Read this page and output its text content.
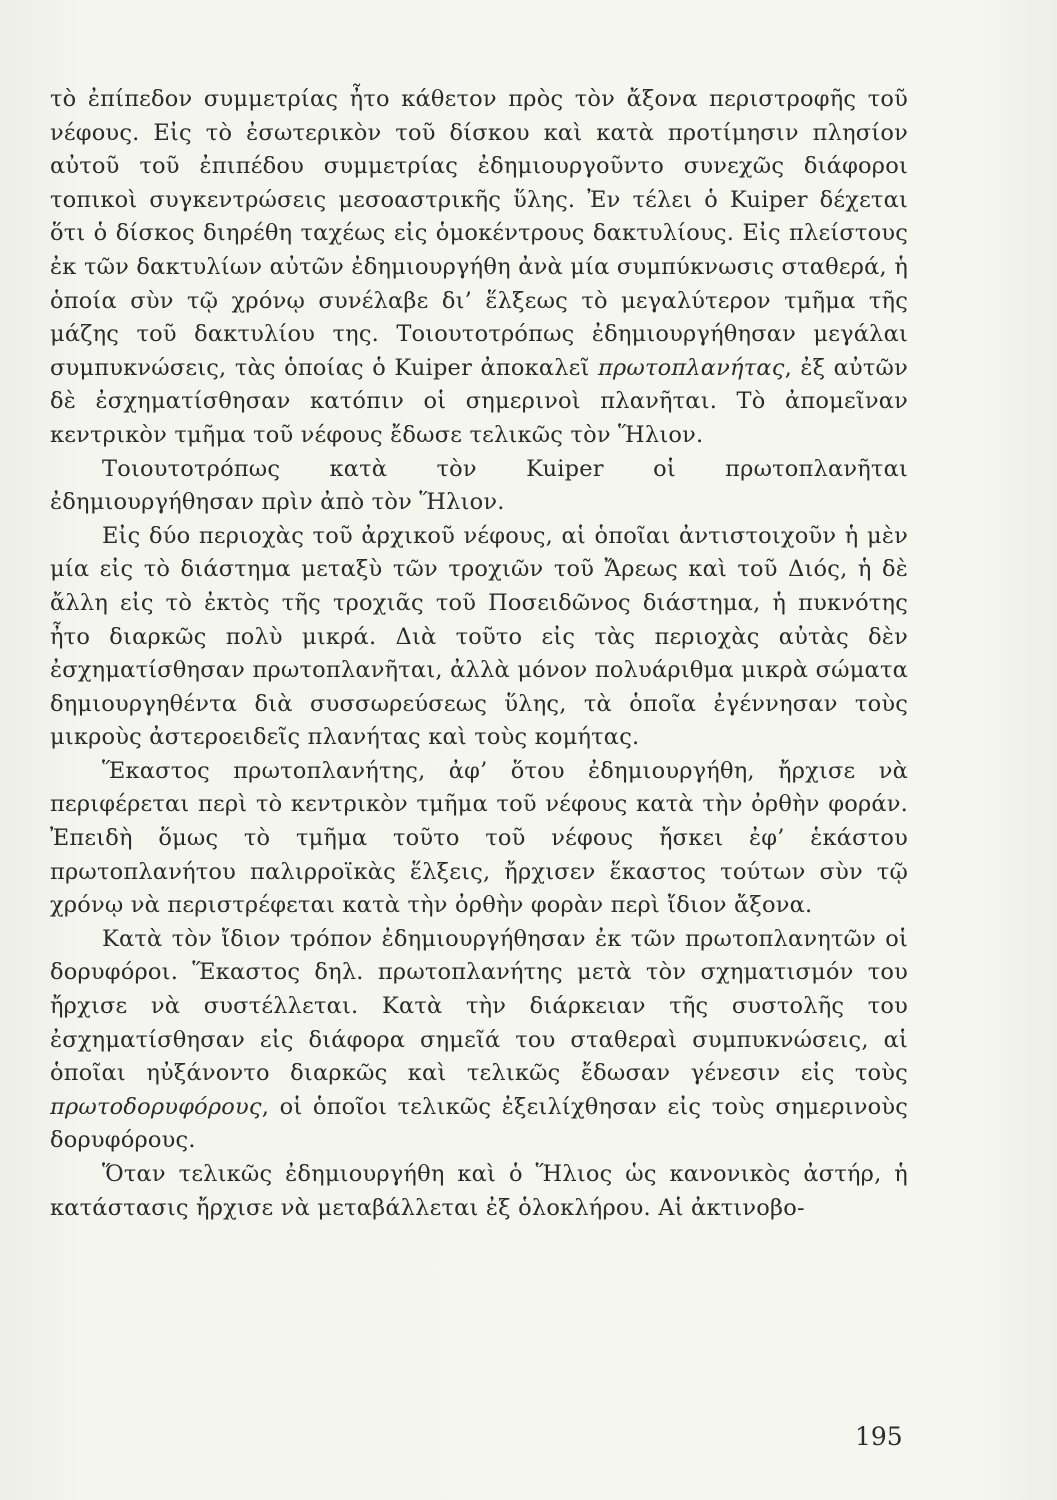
τὸ ἐπίπεδον συμμετρίας ἦτο κάθετον πρὸς τὸν ἄξονα περιστροφῆς τοῦ νέφους. Εἰς τὸ ἐσωτερικὸν τοῦ δίσκου καὶ κατὰ προτίμησιν πλησίον αὐτοῦ τοῦ ἐπιπέδου συμμετρίας ἐδημιουργοῦντο συνεχῶς διάφοροι τοπικοὶ συγκεντρώσεις μεσοαστρικῆς ὕλης. Ἐν τέλει ὁ Kuiper δέχεται ὅτι ὁ δίσκος διηρέθη ταχέως εἰς ὁμοκέντρους δακτυλίους. Εἰς πλείστους ἐκ τῶν δακτυλίων αὐτῶν ἐδημιουργήθη ἀνὰ μία συμπύκνωσις σταθερά, ἡ ὁποία σὺν τῷ χρόνῳ συνέλαβε δι’ ἕλξεως τὸ μεγαλύτερον τμῆμα τῆς μάζης τοῦ δακτυλίου της. Τοιουτοτρόπως ἐδημιουργήθησαν μεγάλαι συμπυκνώσεις, τὰς ὁποίας ὁ Kuiper ἀποκαλεῖ πρωτοπλανήτας, ἐξ αὐτῶν δὲ ἐσχηματίσθησαν κατόπιν οἱ σημερινοὶ πλανῆται. Τὸ ἀπομεῖναν κεντρικὸν τμῆμα τοῦ νέφους ἔδωσε τελικῶς τὸν Ἥλιον.

Τοιουτοτρόπως κατὰ τὸν Kuiper οἱ πρωτοπλανῆται ἐδημιουργήθησαν πρὶν ἀπὸ τὸν Ἥλιον.

Εἰς δύο περιοχὰς τοῦ ἀρχικοῦ νέφους, αἱ ὁποῖαι ἀντιστοιχοῦν ἡ μὲν μία εἰς τὸ διάστημα μεταξὺ τῶν τροχιῶν τοῦ Ἄρεως καὶ τοῦ Διός, ἡ δὲ ἄλλη εἰς τὸ ἐκτὸς τῆς τροχιᾶς τοῦ Ποσειδῶνος διάστημα, ἡ πυκνότης ἦτο διαρκῶς πολὺ μικρά. Διὰ τοῦτο εἰς τὰς περιοχὰς αὐτὰς δὲν ἐσχηματίσθησαν πρωτοπλανῆται, ἀλλὰ μόνον πολυάριθμα μικρὰ σώματα δημιουργηθέντα διὰ συσσωρεύσεως ὕλης, τὰ ὁποῖα ἐγέννησαν τοὺς μικροὺς ἀστεροειδεῖς πλανήτας καὶ τοὺς κομήτας.

Ἕκαστος πρωτοπλανήτης, ἀφ’ ὅτου ἐδημιουργήθη, ἤρχισε νὰ περιφέρεται περὶ τὸ κεντρικὸν τμῆμα τοῦ νέφους κατὰ τὴν ὀρθὴν φοράν. Ἐπειδὴ ὅμως τὸ τμῆμα τοῦτο τοῦ νέφους ἤσκει ἐφ’ ἑκάστου πρωτοπλανήτου παλιρροϊκὰς ἕλξεις, ἤρχισεν ἕκαστος τούτων σὺν τῷ χρόνῳ νὰ περιστρέφεται κατὰ τὴν ὀρθὴν φορὰν περὶ ἴδιον ἄξονα.

Κατὰ τὸν ἴδιον τρόπον ἐδημιουργήθησαν ἐκ τῶν πρωτοπλανητῶν οἱ δορυφόροι. Ἕκαστος δηλ. πρωτοπλανήτης μετὰ τὸν σχηματισμόν του ἤρχισε νὰ συστέλλεται. Κατὰ τὴν διάρκειαν τῆς συστολῆς του ἐσχηματίσθησαν εἰς διάφορα σημεῖά του σταθεραὶ συμπυκνώσεις, αἱ ὁποῖαι ηὐξάνοντο διαρκῶς καὶ τελικῶς ἔδωσαν γένεσιν εἰς τοὺς πρωτοδορυφόρους, οἱ ὁποῖοι τελικῶς ἐξειλίχθησαν εἰς τοὺς σημερινοὺς δορυφόρους.

Ὅταν τελικῶς ἐδημιουργήθη καὶ ὁ Ἥλιος ὡς κανονικὸς ἀστήρ, ἡ κατάστασις ἤρχισε νὰ μεταβάλλεται ἐξ ὁλοκλήρου. Αἱ ἀκτινοβο-

195
